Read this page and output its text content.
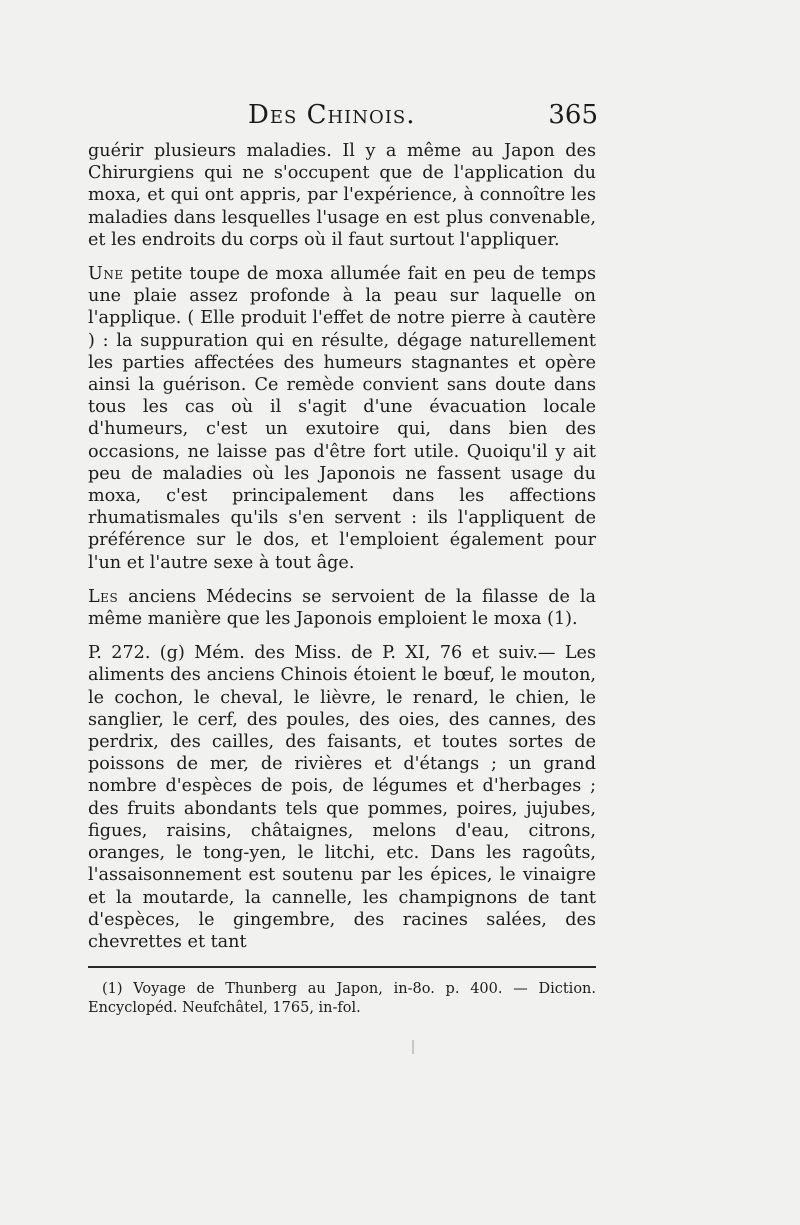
Des Chinois.	365

guérir plusieurs maladies. Il y a même au Japon des Chirurgiens qui ne s'occupent que de l'application du moxa, et qui ont appris, par l'expérience, à connoître les maladies dans lesquelles l'usage en est plus convenable, et les endroits du corps où il faut surtout l'appliquer.

Une petite toupe de moxa allumée fait en peu de temps une plaie assez profonde à la peau sur laquelle on l'applique. ( Elle produit l'effet de notre pierre à cautère ) : la suppuration qui en résulte, dégage naturellement les parties affectées des humeurs stagnantes et opère ainsi la guérison. Ce remède convient sans doute dans tous les cas où il s'agit d'une évacuation locale d'humeurs, c'est un exutoire qui, dans bien des occasions, ne laisse pas d'être fort utile. Quoiqu'il y ait peu de maladies où les Japonois ne fassent usage du moxa, c'est principalement dans les affections rhumatismales qu'ils s'en servent : ils l'appliquent de préférence sur le dos, et l'emploient également pour l'un et l'autre sexe à tout âge.

Les anciens Médecins se servoient de la filasse de la même manière que les Japonois emploient le moxa (1).

P. 272. (g) Mém. des Miss. de P. XI, 76 et suiv.— Les aliments des anciens Chinois étoient le bœuf, le mouton, le cochon, le cheval, le lièvre, le renard, le chien, le sanglier, le cerf, des poules, des oies, des cannes, des perdrix, des cailles, des faisants, et toutes sortes de poissons de mer, de rivières et d'étangs ; un grand nombre d'espèces de pois, de légumes et d'herbages ; des fruits abondants tels que pommes, poires, jujubes, figues, raisins, châtaignes, melons d'eau, citrons, oranges, le tong-yen, le litchi, etc. Dans les ragoûts, l'assaisonnement est soutenu par les épices, le vinaigre et la moutarde, la cannelle, les champignons de tant d'espèces, le gingembre, des racines salées, des chevrettes et tant

(1) Voyage de Thunberg au Japon, in-8o. p. 400. — Diction. Encyclopéd. Neufchâtel, 1765, in-fol.
